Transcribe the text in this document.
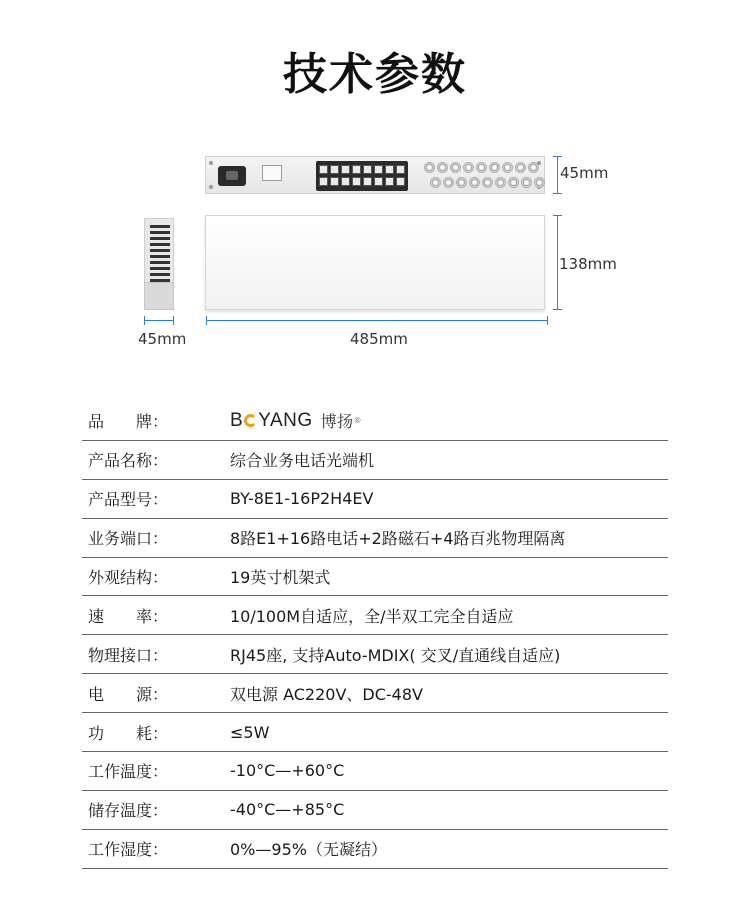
技术参数
45mm
138mm
45mm	485mm
品　　牌：	B YANG 博扬 ®
产品名称：	综合业务电话光端机
产品型号：	BY-8E1-16P2H4EV
业务端口：	8路E1+16路电话+2路磁石+4路百兆物理隔离
外观结构：	19英寸机架式
速　　率：	10/100M自适应，全/半双工完全自适应
物理接口：	RJ45座, 支持Auto-MDIX( 交叉/直通线自适应)
电　　源：	双电源 AC220V、DC-48V
功　　耗：	≤5W
工作温度：	-10°C—+60°C
储存温度：	-40°C—+85°C
工作湿度：	0%—95%（无凝结）
